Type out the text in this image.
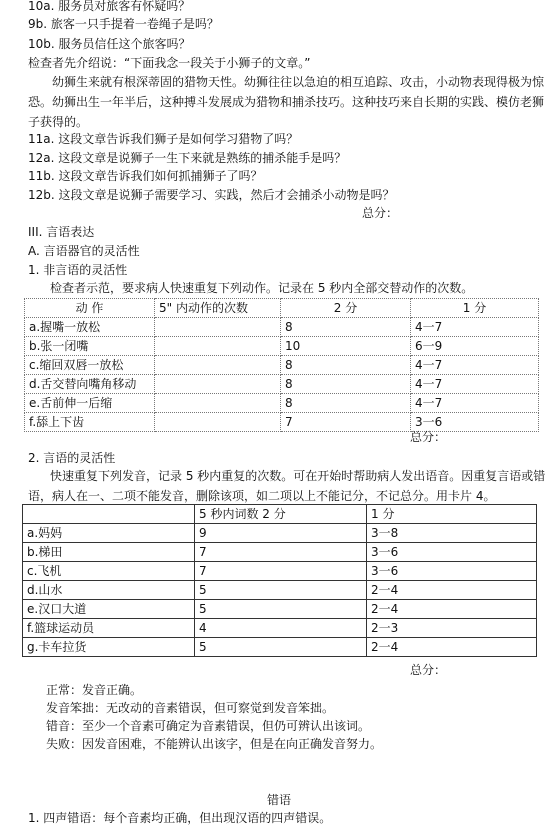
10a. 服务员对旅客有怀疑吗？
9b. 旅客一只手提着一卷绳子是吗？
10b. 服务员信任这个旅客吗？
检查者先介绍说：“下面我念一段关于小狮子的文章。”
幼狮生来就有根深蒂固的猎物天性。幼狮往往以急迫的相互追踪、攻击，小动物表现得极为惊恐。幼狮出生一年半后，这种搏斗发展成为猎物和捕杀技巧。这种技巧来自长期的实践、模仿老狮子获得的。
11a. 这段文章告诉我们狮子是如何学习猎物了吗？
12a. 这段文章是说狮子一生下来就是熟练的捕杀能手是吗？
11b. 这段文章告诉我们如何抓捕狮子了吗？
12b. 这段文章是说狮子需要学习、实践，然后才会捕杀小动物是吗？
总分：
III. 言语表达
A. 言语器官的灵活性
1. 非言语的灵活性
检查者示范，要求病人快速重复下列动作。记录在 5 秒内全部交替动作的次数。
动 作	5" 内动作的次数	2 分	1 分
a.握嘴一放松		8	4一7
b.张一闭嘴		10	6一9
c.缩回双唇一放松		8	4一7
d.舌交替向嘴角移动		8	4一7
e.舌前伸一后缩		8	4一7
f.舔上下齿		7	3一6
总分：
2. 言语的灵活性
快速重复下列发音，记录 5 秒内重复的次数。可在开始时帮助病人发出语音。因重复言语或错语，病人在一、二项不能发音，删除该项，如二项以上不能记分，不记总分。用卡片 4。
	5 秒内词数 2 分	1 分
a.妈妈	9	3一8
b.梯田	7	3一6
c.飞机	7	3一6
d.山水	5	2一4
e.汉口大道	5	2一4
f.篮球运动员	4	2一3
g.卡车拉货	5	2一4
总分：
正常：发音正确。
发音笨拙：无改动的音素错误，但可察觉到发音笨拙。
错音：至少一个音素可确定为音素错误，但仍可辨认出该词。
失败：因发音困难，不能辨认出该字，但是在向正确发音努力。
错语
1. 四声错语：每个音素均正确，但出现汉语的四声错误。
